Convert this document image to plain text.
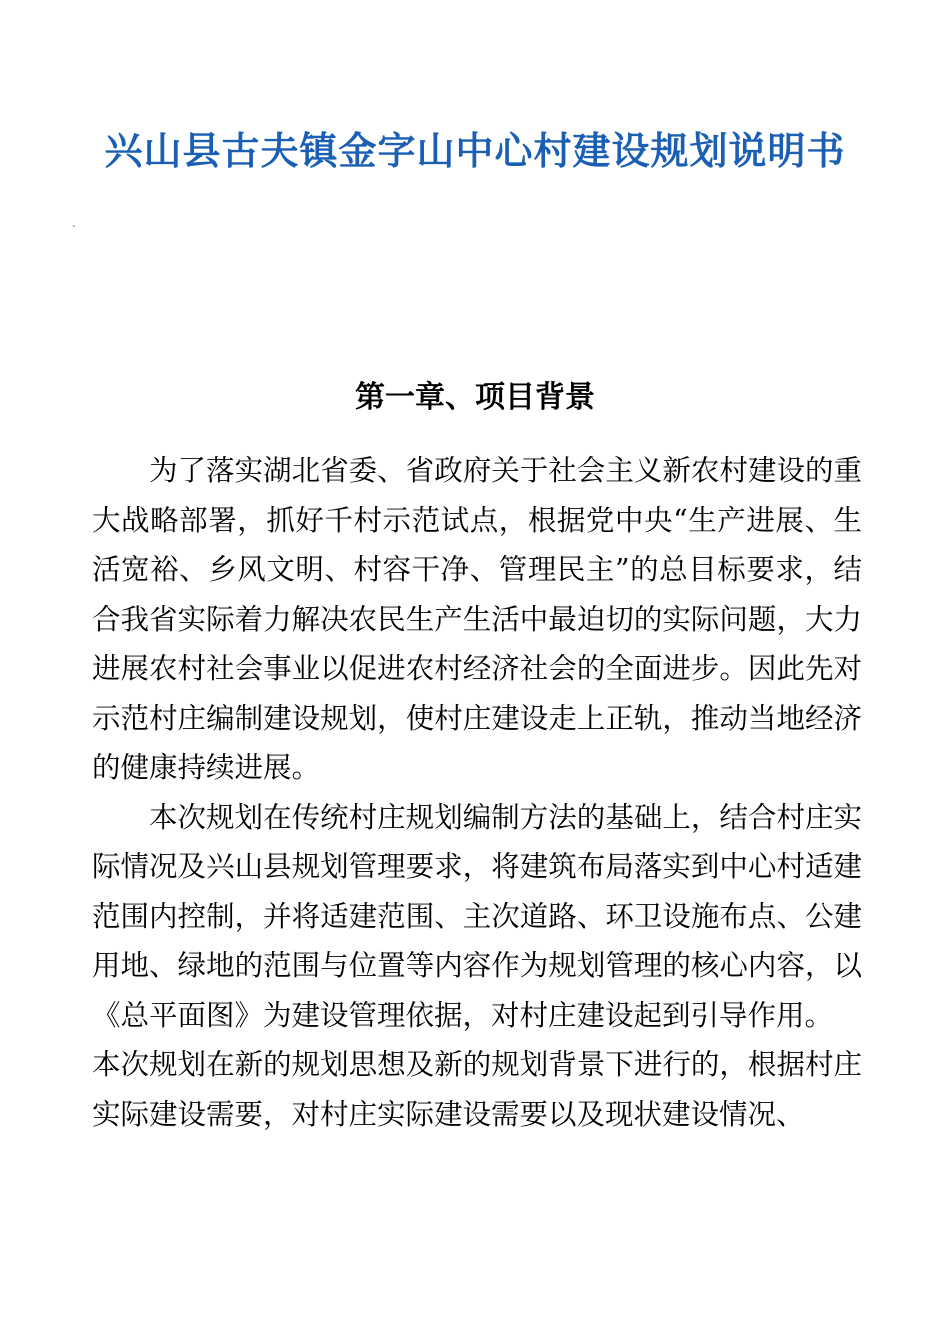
兴山县古夫镇金字山中心村建设规划说明书
第一章、项目背景

为了落实湖北省委、省政府关于社会主义新农村建设的重大战略部署，抓好千村示范试点，根据党中央“生产进展、生活宽裕、乡风文明、村容干净、管理民主”的总目标要求，结合我省实际着力解决农民生产生活中最迫切的实际问题，大力进展农村社会事业以促进农村经济社会的全面进步。因此先对示范村庄编制建设规划，使村庄建设走上正轨，推动当地经济的健康持续进展。

本次规划在传统村庄规划编制方法的基础上，结合村庄实际情况及兴山县规划管理要求，将建筑布局落实到中心村适建范围内控制，并将适建范围、主次道路、环卫设施布点、公建用地、绿地的范围与位置等内容作为规划管理的核心内容，以《总平面图》为建设管理依据，对村庄建设起到引导作用。

本次规划在新的规划思想及新的规划背景下进行的，根据村庄实际建设需要，对村庄实际建设需要以及现状建设情况、
